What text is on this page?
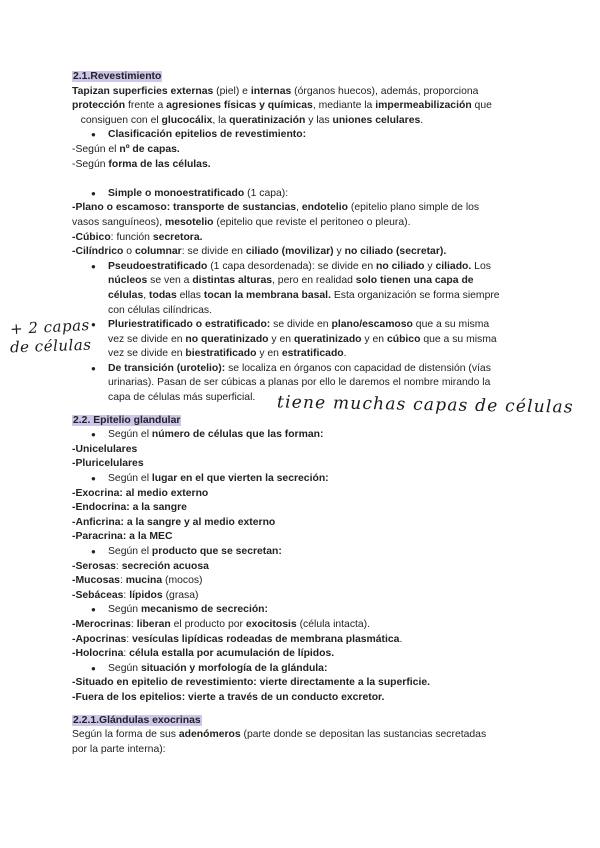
2.1.Revestimiento
Tapizan superficies externas (piel) e internas (órganos huecos), además, proporciona
protección frente a agresiones físicas y químicas, mediante la impermeabilización que
consiguen con el glucocálix, la queratinización y las uniones celulares.
● Clasificación epitelios de revestimiento:
-Según el nº de capas.
-Según forma de las células.
● Simple o monoestratificado (1 capa):
-Plano o escamoso: transporte de sustancias, endotelio (epitelio plano simple de los
vasos sanguíneos), mesotelio (epitelio que reviste el peritoneo o pleura).
-Cúbico: función secretora.
-Cilíndrico o columnar: se divide en ciliado (movilizar) y no ciliado (secretar).
● Pseudoestratificado (1 capa desordenada): se divide en no ciliado y ciliado. Los
núcleos se ven a distintas alturas, pero en realidad solo tienen una capa de
células, todas ellas tocan la membrana basal. Esta organización se forma siempre
con células cilíndricas.
● Pluriestratificado o estratificado: se divide en plano/escamoso que a su misma
vez se divide en no queratinizado y en queratinizado y en cúbico que a su misma
vez se divide en biestratificado y en estratificado.
● De transición (urotelio): se localiza en órganos con capacidad de distensión (vías
urinarias). Pasan de ser cúbicas a planas por ello le daremos el nombre mirando la
capa de células más superficial.
2.2. Epitelio glandular
● Según el número de células que las forman:
-Unicelulares
-Pluricelulares
● Según el lugar en el que vierten la secreción:
-Exocrina: al medio externo
-Endocrina: a la sangre
-Anficrina: a la sangre y al medio externo
-Paracrina: a la MEC
● Según el producto que se secretan:
-Serosas: secreción acuosa
-Mucosas: mucina (mocos)
-Sebáceas: lípidos (grasa)
● Según mecanismo de secreción:
-Merocrinas: liberan el producto por exocitosis (célula intacta).
-Apocrinas: vesículas lipídicas rodeadas de membrana plasmática.
-Holocrina: célula estalla por acumulación de lípidos.
● Según situación y morfología de la glándula:
-Situado en epitelio de revestimiento: vierte directamente a la superficie.
-Fuera de los epitelios: vierte a través de un conducto excretor.
2.2.1.Glándulas exocrinas
Según la forma de sus adenómeros (parte donde se depositan las sustancias secretadas
por la parte interna):
+ 2 capas
de células
tiene muchas capas de células
